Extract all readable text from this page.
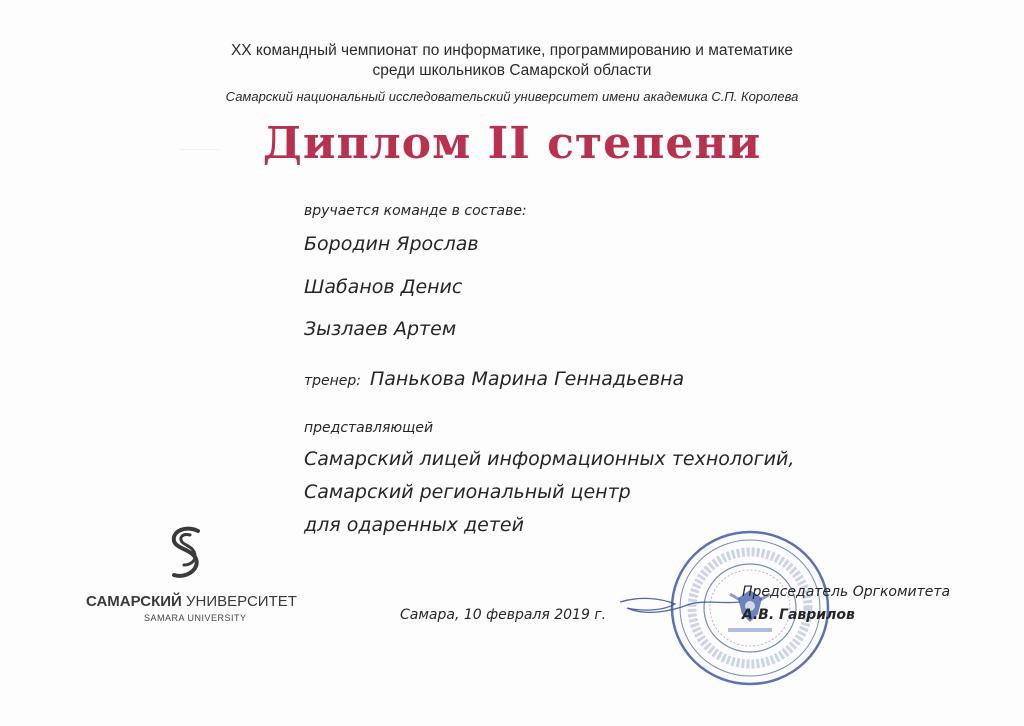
XX командный чемпионат по информатике, программированию и математике
среди школьников Самарской области
Самарский национальный исследовательский университет имени академика С.П. Королева
Диплом II степени
вручается команде в составе:
Бородин Ярослав
Шабанов Денис
Зызлаев Артем
тренер: Панькова Марина Геннадьевна
представляющей
Самарский лицей информационных технологий,
Самарский региональный центр
для одаренных детей
САМАРСКИЙ УНИВЕРСИТЕТ
SAMARA UNIVERSITY	Самара, 10 февраля 2019 г.
Председатель Оргкомитета
А.В. Гаврилов
